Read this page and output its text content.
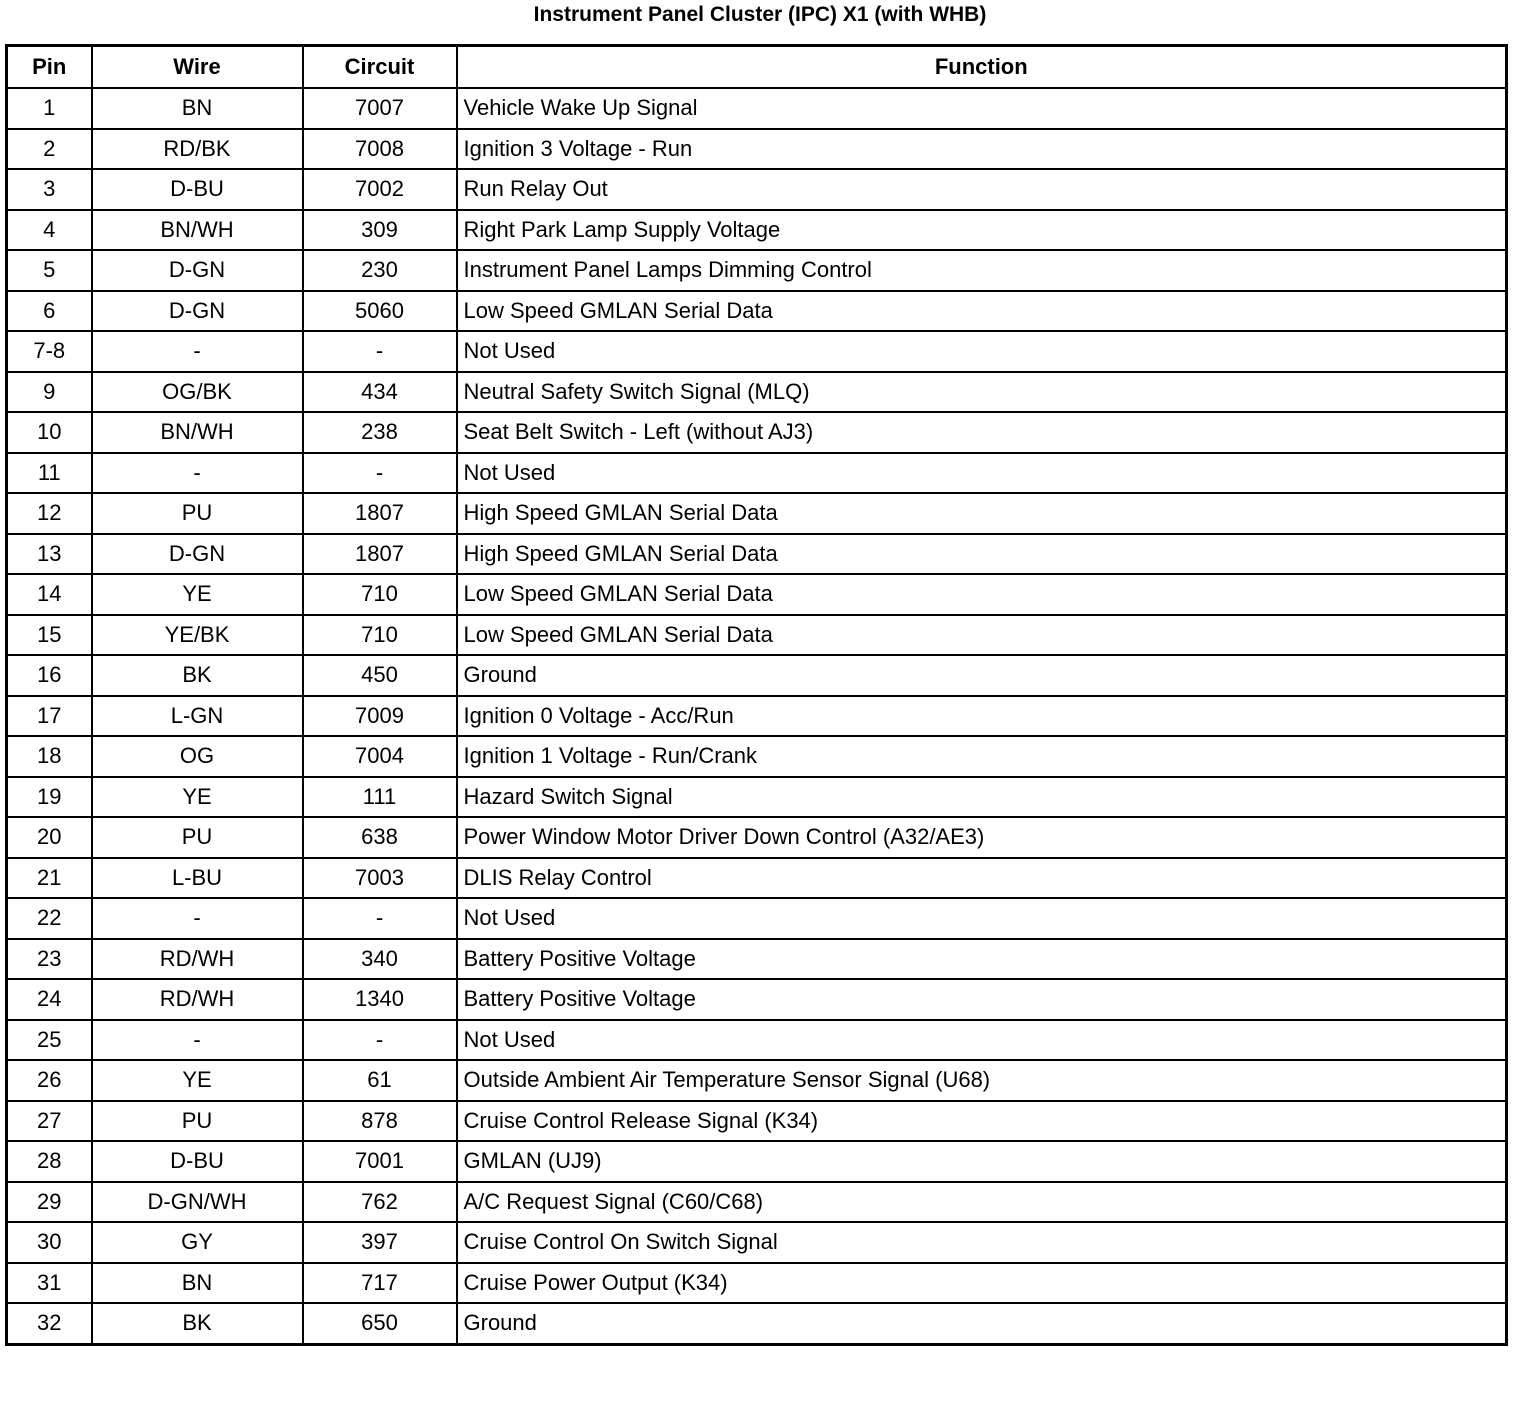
Instrument Panel Cluster (IPC) X1 (with WHB)
Pin	Wire	Circuit	Function
1	BN	7007	Vehicle Wake Up Signal
2	RD/BK	7008	Ignition 3 Voltage - Run
3	D-BU	7002	Run Relay Out
4	BN/WH	309	Right Park Lamp Supply Voltage
5	D-GN	230	Instrument Panel Lamps Dimming Control
6	D-GN	5060	Low Speed GMLAN Serial Data
7-8	-	-	Not Used
9	OG/BK	434	Neutral Safety Switch Signal (MLQ)
10	BN/WH	238	Seat Belt Switch - Left (without AJ3)
11	-	-	Not Used
12	PU	1807	High Speed GMLAN Serial Data
13	D-GN	1807	High Speed GMLAN Serial Data
14	YE	710	Low Speed GMLAN Serial Data
15	YE/BK	710	Low Speed GMLAN Serial Data
16	BK	450	Ground
17	L-GN	7009	Ignition 0 Voltage - Acc/Run
18	OG	7004	Ignition 1 Voltage - Run/Crank
19	YE	111	Hazard Switch Signal
20	PU	638	Power Window Motor Driver Down Control (A32/AE3)
21	L-BU	7003	DLIS Relay Control
22	-	-	Not Used
23	RD/WH	340	Battery Positive Voltage
24	RD/WH	1340	Battery Positive Voltage
25	-	-	Not Used
26	YE	61	Outside Ambient Air Temperature Sensor Signal (U68)
27	PU	878	Cruise Control Release Signal (K34)
28	D-BU	7001	GMLAN (UJ9)
29	D-GN/WH	762	A/C Request Signal (C60/C68)
30	GY	397	Cruise Control On Switch Signal
31	BN	717	Cruise Power Output (K34)
32	BK	650	Ground
